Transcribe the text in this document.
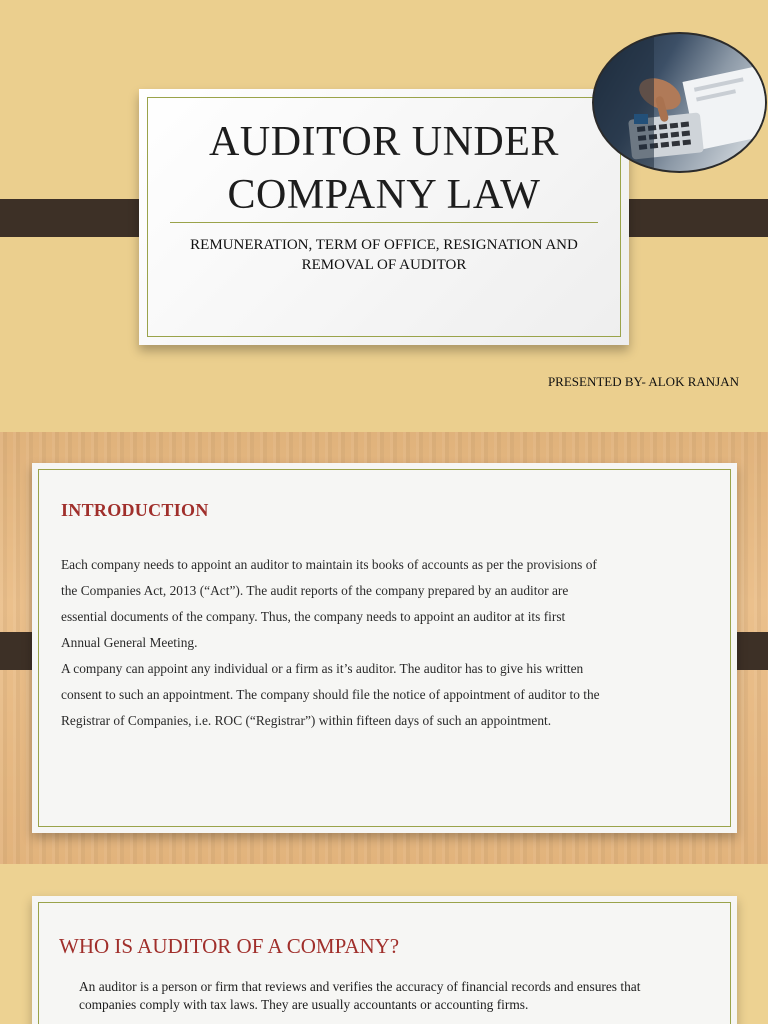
AUDITOR UNDER COMPANY LAW
REMUNERATION, TERM OF OFFICE, RESIGNATION AND REMOVAL OF AUDITOR
PRESENTED BY- ALOK RANJAN
INTRODUCTION

Each company needs to appoint an auditor to maintain its books of accounts as per the provisions of the Companies Act, 2013 (“Act”). The audit reports of the company prepared by an auditor are essential documents of the company. Thus, the company needs to appoint an auditor at its first Annual General Meeting.

A company can appoint any individual or a firm as it’s auditor. The auditor has to give his written consent to such an appointment. The company should file the notice of appointment of auditor to the Registrar of Companies, i.e. ROC (“Registrar”) within fifteen days of such an appointment.

WHO IS AUDITOR OF A COMPANY?
An auditor is a person or firm that reviews and verifies the accuracy of financial records and ensures that companies comply with tax laws. They are usually accountants or accounting firms.
